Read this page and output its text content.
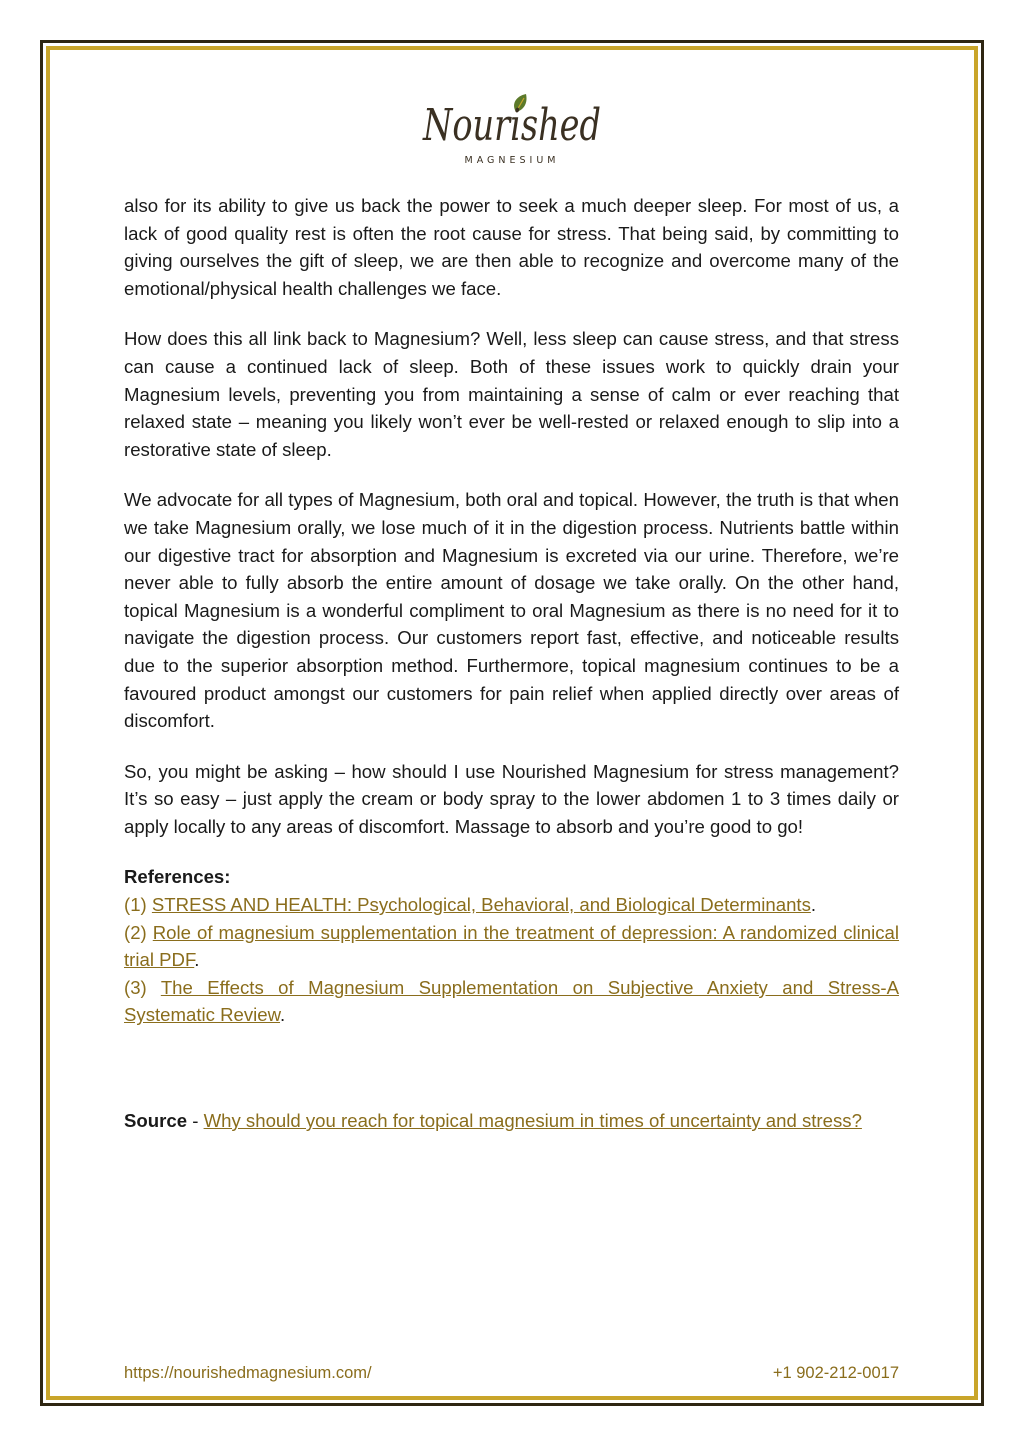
Nourished
MAGNESIUM

also for its ability to give us back the power to seek a much deeper sleep. For most of us, a lack of good quality rest is often the root cause for stress. That being said, by committing to giving ourselves the gift of sleep, we are then able to recognize and overcome many of the emotional/physical health challenges we face.

How does this all link back to Magnesium? Well, less sleep can cause stress, and that stress can cause a continued lack of sleep. Both of these issues work to quickly drain your Magnesium levels, preventing you from maintaining a sense of calm or ever reaching that relaxed state – meaning you likely won’t ever be well-rested or relaxed enough to slip into a restorative state of sleep.

We advocate for all types of Magnesium, both oral and topical. However, the truth is that when we take Magnesium orally, we lose much of it in the digestion process. Nutrients battle within our digestive tract for absorption and Magnesium is excreted via our urine. Therefore, we’re never able to fully absorb the entire amount of dosage we take orally. On the other hand, topical Magnesium is a wonderful compliment to oral Magnesium as there is no need for it to navigate the digestion process. Our customers report fast, effective, and noticeable results due to the superior absorption method. Furthermore, topical magnesium continues to be a favoured product amongst our customers for pain relief when applied directly over areas of discomfort.

So, you might be asking – how should I use Nourished Magnesium for stress management? It’s so easy – just apply the cream or body spray to the lower abdomen 1 to 3 times daily or apply locally to any areas of discomfort. Massage to absorb and you’re good to go!

References:
(1) STRESS AND HEALTH: Psychological, Behavioral, and Biological Determinants.
(2) Role of magnesium supplementation in the treatment of depression: A randomized clinical trial PDF.
(3) The Effects of Magnesium Supplementation on Subjective Anxiety and Stress-A Systematic Review.
Source - Why should you reach for topical magnesium in times of uncertainty and stress?
https://nourishedmagnesium.com/	+1 902-212-0017
